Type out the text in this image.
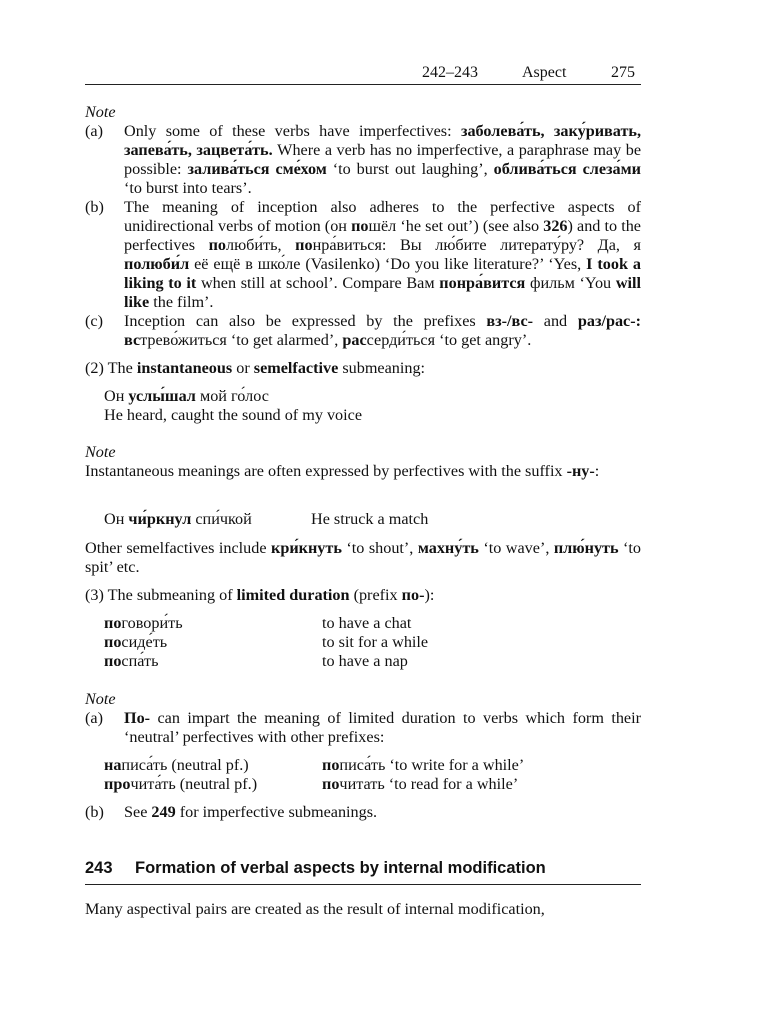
242–243	Aspect	275
Note
(a) Only some of these verbs have imperfectives: заболева́ть, заку́ривать, запева́ть, зацвета́ть. Where a verb has no imperfective, a paraphrase may be possible: залива́ться сме́хом ‘to burst out laughing’, облива́ться слеза́ми ‘to burst into tears’.
(b) The meaning of inception also adheres to the perfective aspects of unidirectional verbs of motion (он пошёл ‘he set out’) (see also 326) and to the perfectives полюби́ть, понра́виться: Вы лю́бите литерату́ру? Да, я полюби́л её ещё в шко́ле (Vasilenko) ‘Do you like literature?’ ‘Yes, I took a liking to it when still at school’. Compare Вам понра́вится фильм ‘You will like the film’.
(c) Inception can also be expressed by the prefixes вз-/вс- and раз/рас-: встрево́житься ‘to get alarmed’, рассерди́ться ‘to get angry’.
(2) The instantaneous or semelfactive submeaning:
Он услы́шал мой го́лос
He heard, caught the sound of my voice
Note
Instantaneous meanings are often expressed by perfectives with the suffix -ну-:
Он чи́ркнул спи́чкой	He struck a match
Other semelfactives include кри́кнуть ‘to shout’, махну́ть ‘to wave’, плю́нуть ‘to spit’ etc.
(3) The submeaning of limited duration (prefix по-):
поговори́ть	to have a chat
посиде́ть	to sit for a while
поспа́ть	to have a nap
Note
(a) По- can impart the meaning of limited duration to verbs which form their ‘neutral’ perfectives with other prefixes:
написа́ть (neutral pf.)	пописа́ть ‘to write for a while’
прочита́ть (neutral pf.)	почитать ‘to read for a while’
(b) See 249 for imperfective submeanings.
243 Formation of verbal aspects by internal modification
Many aspectival pairs are created as the result of internal modification,
